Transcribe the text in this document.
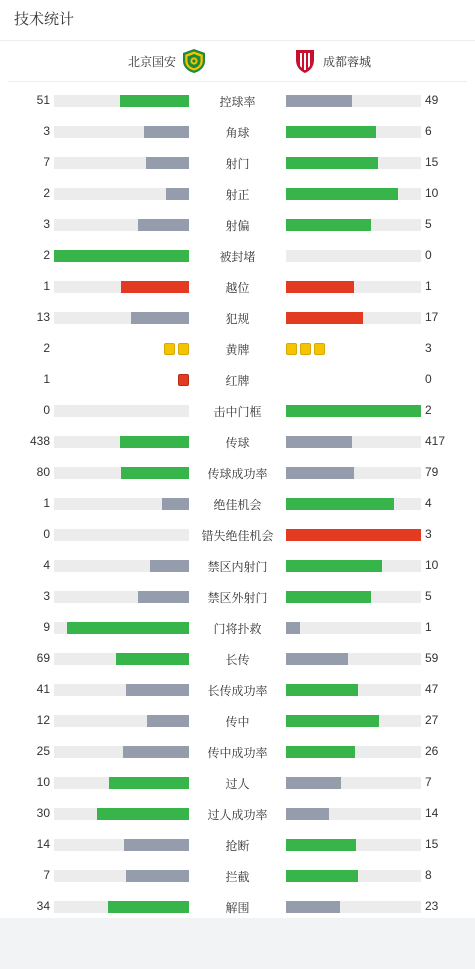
技术统计
北京国安	成都蓉城
51	控球率	49
3	角球	6
7	射门	15
2	射正	10
3	射偏	5
2	被封堵	0
1	越位	1
13	犯规	17
2	黄牌	3
1	红牌	0
0	击中门框	2
438	传球	417
80	传球成功率	79
1	绝佳机会	4
0	错失绝佳机会	3
4	禁区内射门	10
3	禁区外射门	5
9	门将扑救	1
69	长传	59
41	长传成功率	47
12	传中	27
25	传中成功率	26
10	过人	7
30	过人成功率	14
14	抢断	15
7	拦截	8
34	解围	23
